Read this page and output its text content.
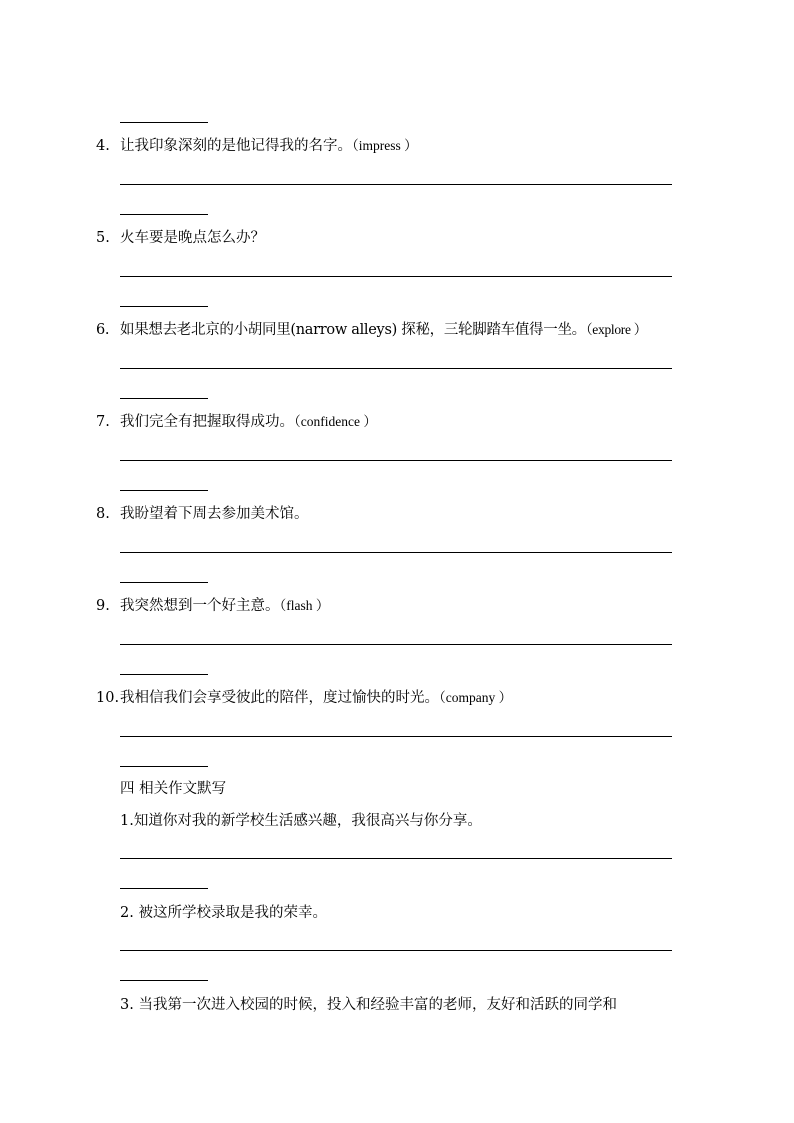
4. 让我印象深刻的是他记得我的名字。（impress ）
5. 火车要是晚点怎么办？
6. 如果想去老北京的小胡同里(narrow alleys) 探秘，三轮脚踏车值得一坐。（explore ）
7. 我们完全有把握取得成功。（confidence ）
8. 我盼望着下周去参加美术馆。
9. 我突然想到一个好主意。（flash ）
10.我相信我们会享受彼此的陪伴，度过愉快的时光。（company ）
四 相关作文默写
1.知道你对我的新学校生活感兴趣，我很高兴与你分享。
2. 被这所学校录取是我的荣幸。
3. 当我第一次进入校园的时候，投入和经验丰富的老师，友好和活跃的同学和
